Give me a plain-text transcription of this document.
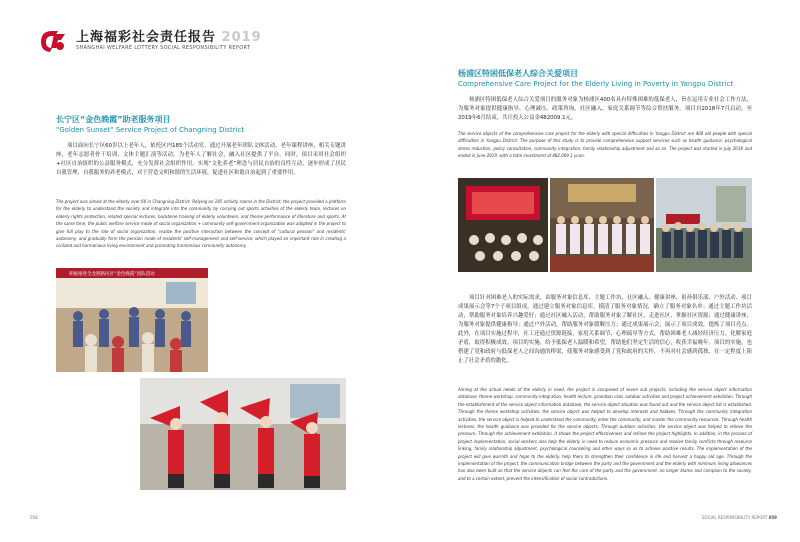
上海福彩社会责任报告 2019
SHANGHAI WELFARE LOTTERY SOCIAL RESPONSIBILITY REPORT
长宁区“金色晚霞”助老服务项目
"Golden Sunset" Service Project of Changning District
项目面向长宁区60岁以上老年人，依托区内185个活动室，通过开展老年团队文体活动、老年课程讲座，相关专题讲座，老年志愿者骨干培训、文体主题汇演等活动，为老年人了解社会，融入社区提供了平台。同时，项目采用社会组织+社区自治组织的公益服务模式，充分发挥社会组织作用，实现“文化养老”理念与居民自治的良性互动，逐步形成了居民自我管理、自我服务的养老模式，对于营造文明和谐的生活环境，促进社区和谐自治起到了重要作用。
The project was aimed at the elderly over 60 in Changning District. Relying on 185 activity rooms in the District, the project provided a platform for the elderly to understand the society and integrate into the community by carrying out sports activities of the elderly team, lectures on elderly rights protection, related special lectures, backbone training of elderly volunteers, and theme performance of literature and sports. At the same time, the public welfare service mode of social organization + community self-government organization was adopted in the project to give full play to the role of social organization, realize the positive interaction between the concept of "cultural pension" and residents' autonomy, and gradually form the pension mode of residents' self-management and self-service, which played an important role in creating a civilized and harmonious living environment and promoting harmonious community autonomy.
积极推进全龙照路民区“金色晚霞”团队活动
058
杨浦区特困低保老人综合关爱项目
Comprehensive Care Project for the Elderly Living in Poverty in Yangpu District
杨浦区特困低保老人综合关爱项目的服务对象为杨浦区400名具有特殊困难的低保老人，旨在运用专业社会工作方法，为服务对象提供健康指导、心理减压、政策咨询、社区融入、家庭关系调节等综合帮扶服务。项目自2018年7月启动，至2019年6月结束，共计投入公益金482009.1元。
The service objects of the comprehensive care project for the elderly with special difficulties in Yangpu District are 400 old people with special difficulties in Yangpu District. The purpose of this study is to provide comprehensive support services such as health guidance, psychological stress reduction, policy consultation, community integration, family relationship adjustment and so on. The project was started in July 2018 and ended in June 2019, with a total investment of 482,009.1 yuan.
项目针对困难老人的实际需求，由服务对象信息库、主题工作坊、社区融入、健康讲座、祖孙俱乐部、户外活动、项目成果展示会等7个子项目组成。通过建立服务对象信息库，摸清了服务对象情况，确立了服务对象名单；通过主题工作坊活动，帮助服务对象培养兴趣爱好；通过社区融入活动，帮助服务对象了解社区，走进社区、掌握社区资源；通过健康讲座，为服务对象提供健康指导；通过户外活动，帮助服务对象缓解压力；通过成果展示会，展示了项目成效，提炼了项目亮点。此外，在项目实施过程中，社工还通过资源链接，家庭关系调节、心理疏导等方式，帮助困难老人减轻经济压力，化解家庭矛盾，取得积极成效。项目的实施，给予低保老人温暖和希望，帮助他们坚定生活的信心，收获幸福晚年。项目的实施，也搭建了党和政府与低保老人之间沟通的桥梁，使服务对象感受到了党和政府的关怀，不再对社会感到孤独，在一定程度上阻止了社会矛盾的激化。
Aiming at the actual needs of the elderly in need, the project is composed of seven sub projects, including the service object information database, theme workshop, community integration, health lecture, grandson club, outdoor activities and project achievement exhibition. Through the establishment of the service object information database, the service object situation was found out and the service object list is established. Through the theme workshop activities, the service object was helped to develop interests and hobbies. Through the community integration activities, the service object is helped to understand the community, enter the community, and master the community resources. Through health lectures, the health guidance was provided for the service objects. Through outdoor activities, the service object was helped to relieve the pressure. Through the achievement exhibition, it shows the project effectiveness and refines the project highlights. In addition, in the process of project implementation, social workers also help the elderly in need to reduce economic pressure and resolve family conflicts through resource linking, family relationship adjustment, psychological counseling and other ways so as to achieve positive results. The implementation of the project will give warmth and hope to the elderly, help them to strengthen their confidence in life and harvest a happy old age. Through the implementation of the project, the communication bridge between the party and the government and the elderly with minimum living allowances has also been built so that the service objects can feel the care of the party and the government, no longer blame and complain to the society, and to a certain extent, prevent the intensification of social contradictions.
SOCIAL RESPONSIBILITY REPORT 059
